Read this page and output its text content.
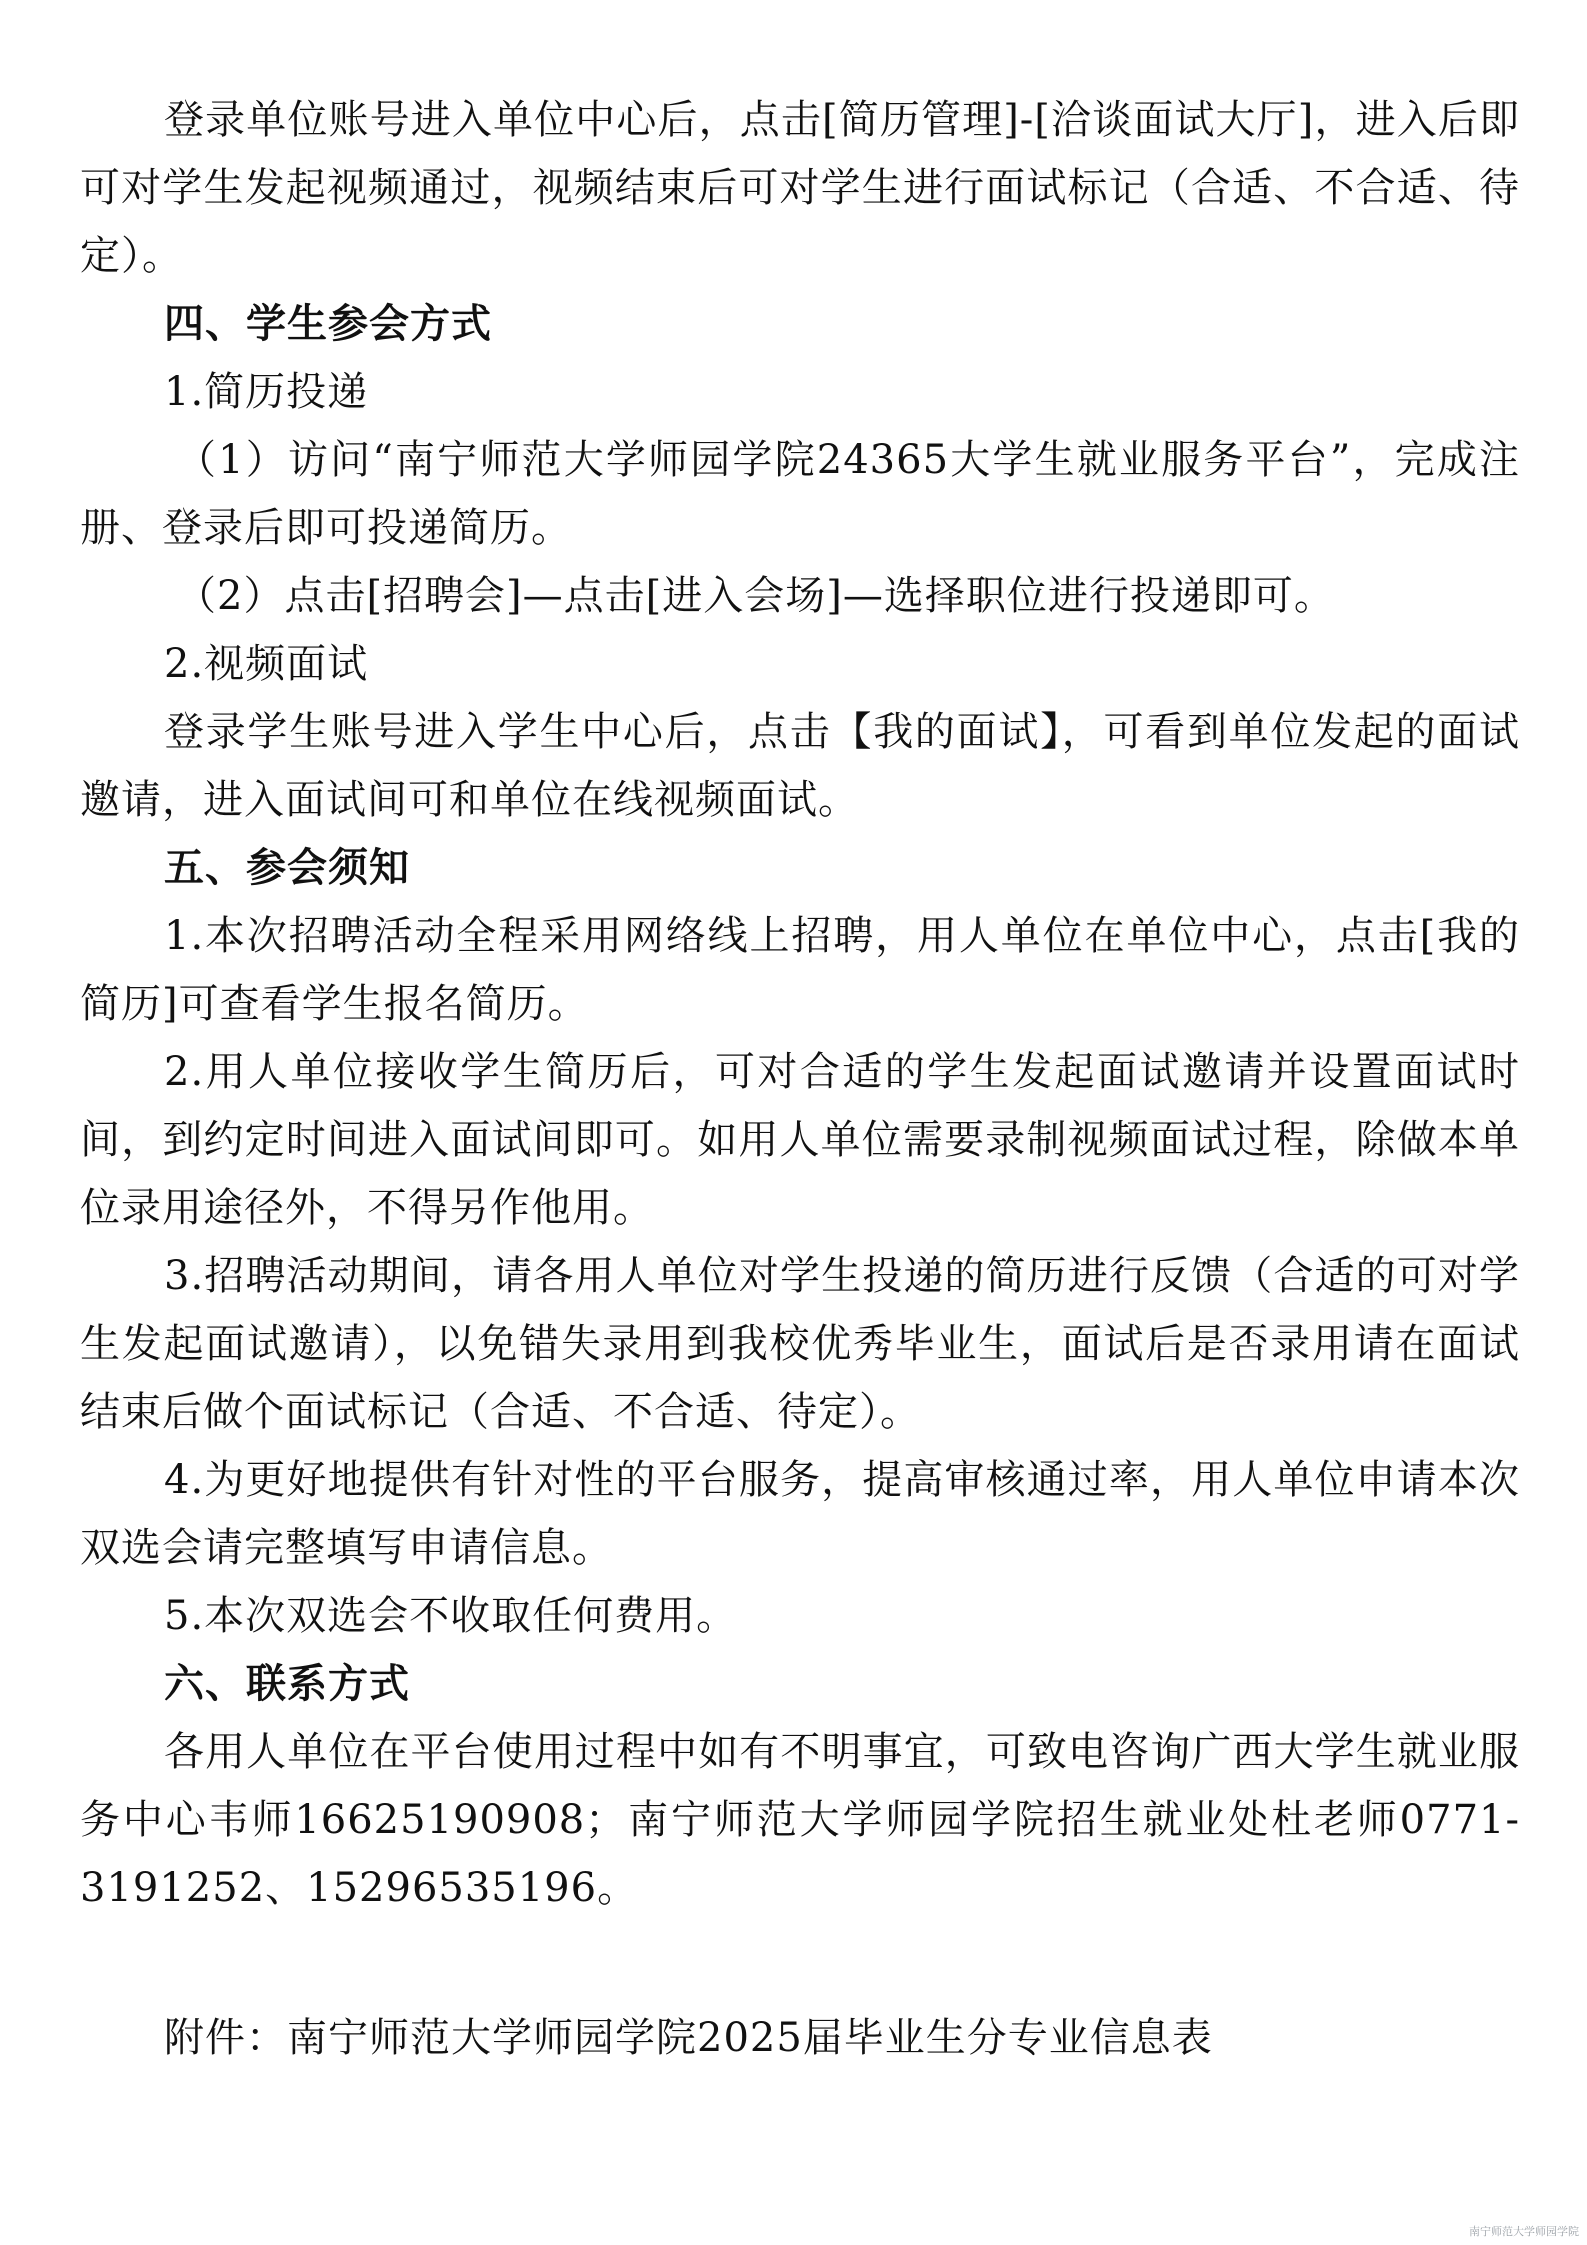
登录单位账号进入单位中心后，点击[简历管理]-[洽谈面试大厅]，进入后即可对学生发起视频通过，视频结束后可对学生进行面试标记（合适、不合适、待定）。

四、学生参会方式

1.简历投递

（1）访问“南宁师范大学师园学院24365大学生就业服务平台”，完成注册、登录后即可投递简历。

（2）点击[招聘会]—点击[进入会场]—选择职位进行投递即可。

2.视频面试

登录学生账号进入学生中心后，点击【我的面试】，可看到单位发起的面试邀请，进入面试间可和单位在线视频面试。

五、参会须知

1.本次招聘活动全程采用网络线上招聘，用人单位在单位中心，点击[我的简历]可查看学生报名简历。

2.用人单位接收学生简历后，可对合适的学生发起面试邀请并设置面试时间，到约定时间进入面试间即可。如用人单位需要录制视频面试过程，除做本单位录用途径外，不得另作他用。

3.招聘活动期间，请各用人单位对学生投递的简历进行反馈（合适的可对学生发起面试邀请），以免错失录用到我校优秀毕业生，面试后是否录用请在面试结束后做个面试标记（合适、不合适、待定）。

4.为更好地提供有针对性的平台服务，提高审核通过率，用人单位申请本次双选会请完整填写申请信息。

5.本次双选会不收取任何费用。

六、联系方式

各用人单位在平台使用过程中如有不明事宜，可致电咨询广西大学生就业服务中心韦师16625190908；南宁师范大学师园学院招生就业处杜老师0771-3191252、15296535196。

附件：南宁师范大学师园学院2025届毕业生分专业信息表

南宁师范大学师园学院
